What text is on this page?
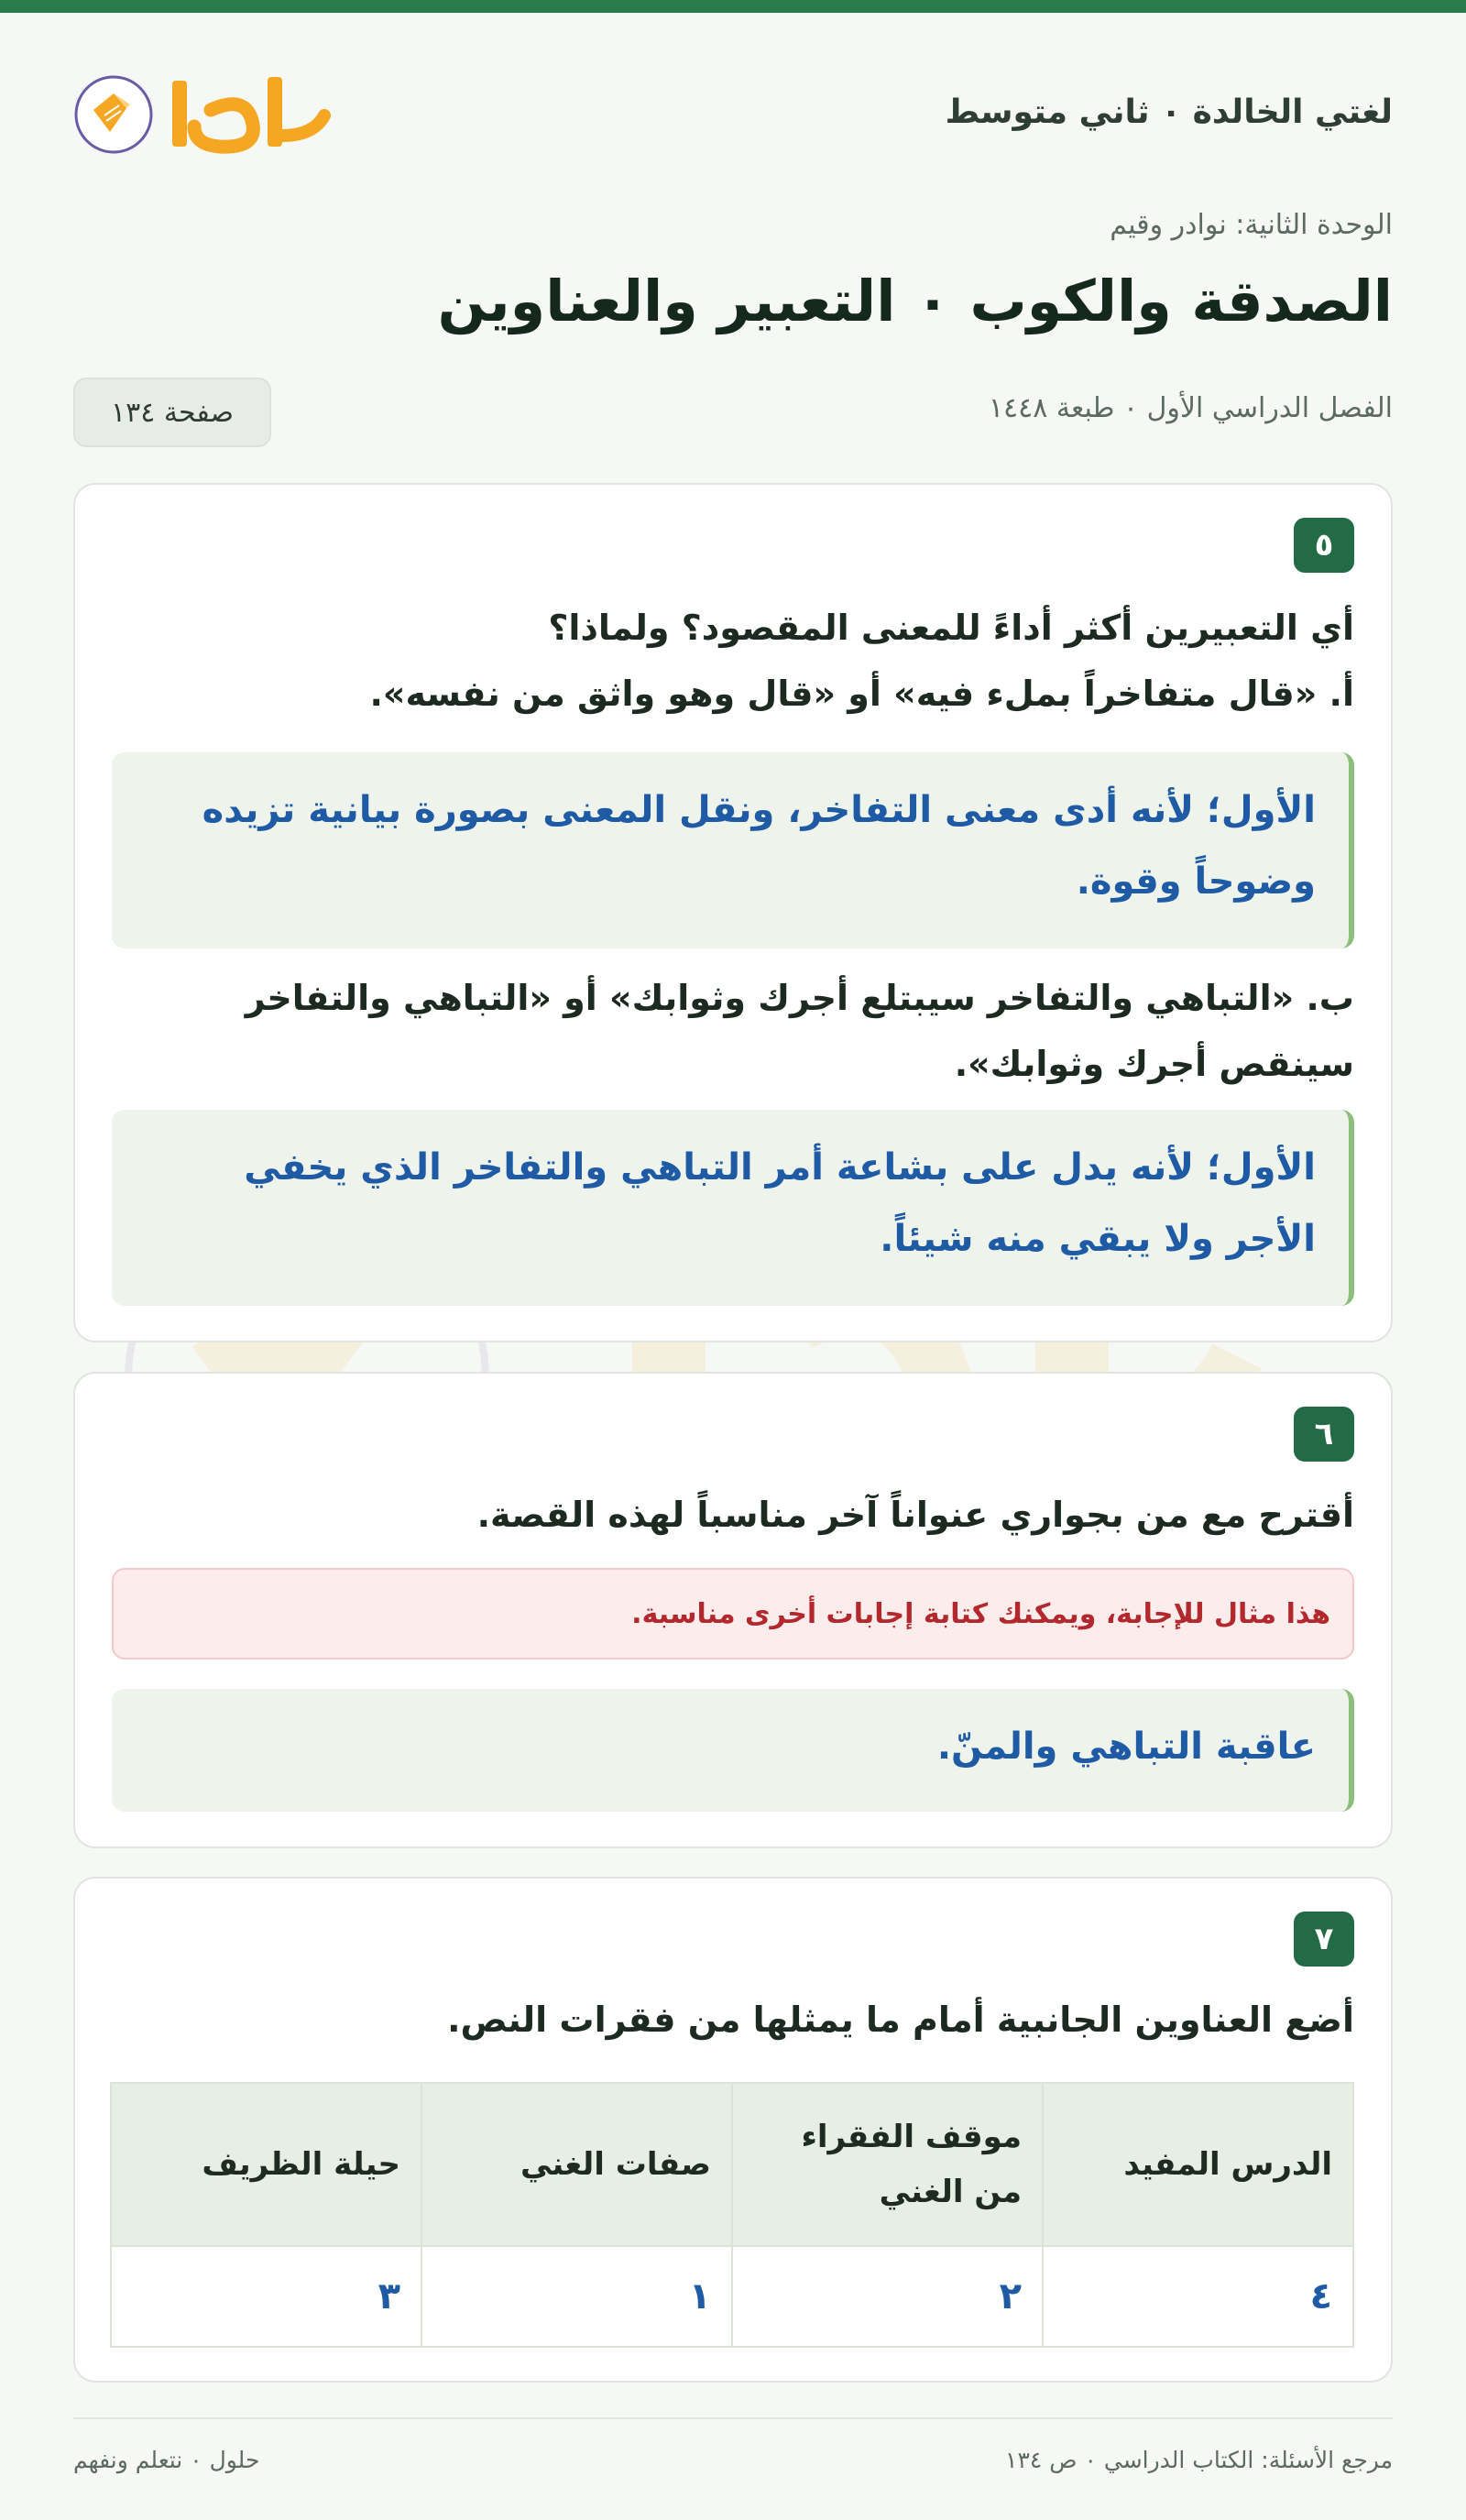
لغتي الخالدة ٠ ثاني متوسط
الوحدة الثانية: نوادر وقيم
الصدقة والكوب ٠ التعبير والعناوين
الفصل الدراسي الأول ٠ طبعة ١٤٤٨
صفحة ١٣٤
٥
أي التعبيرين أكثر أداءً للمعنى المقصود؟ ولماذا؟
أ. «قال متفاخراً بملء فيه» أو «قال وهو واثق من نفسه».
الأول؛ لأنه أدى معنى التفاخر، ونقل المعنى بصورة بيانية تزيده وضوحاً وقوة.
ب. «التباهي والتفاخر سيبتلع أجرك وثوابك» أو «التباهي والتفاخر سينقص أجرك وثوابك».
الأول؛ لأنه يدل على بشاعة أمر التباهي والتفاخر الذي يخفي الأجر ولا يبقي منه شيئاً.
٦
أقترح مع من بجواري عنواناً آخر مناسباً لهذه القصة.
هذا مثال للإجابة، ويمكنك كتابة إجابات أخرى مناسبة.
عاقبة التباهي والمنّ.
٧
أضع العناوين الجانبية أمام ما يمثلها من فقرات النص.
الدرس المفيد	موقف الفقراء من الغني	صفات الغني	حيلة الظريف
٤	٢	١	٣
مرجع الأسئلة: الكتاب الدراسي ٠ ص ١٣٤
حلول ٠ نتعلم ونفهم
